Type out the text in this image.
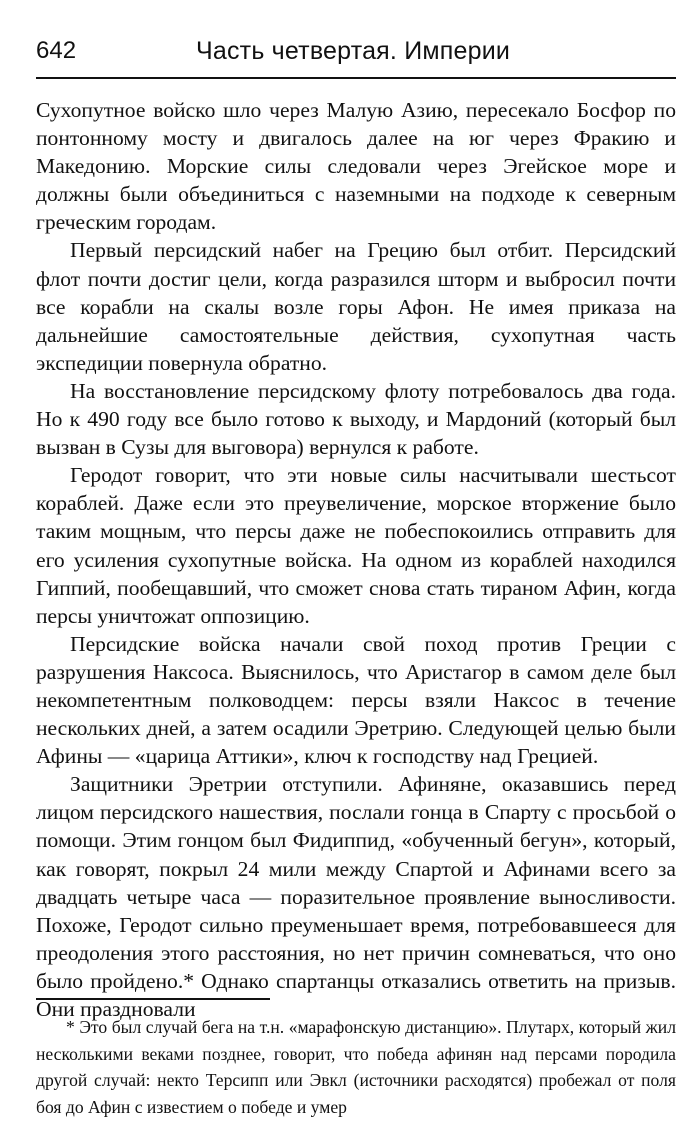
642	Часть четвертая. Империи

Сухопутное войско шло через Малую Азию, пересекало Босфор по понтонному мосту и двигалось далее на юг через Фракию и Македонию. Морские силы следовали через Эгейское море и должны были объединиться с наземными на подходе к северным греческим городам.

Первый персидский набег на Грецию был отбит. Персидский флот почти достиг цели, когда разразился шторм и выбросил почти все корабли на скалы возле горы Афон. Не имея приказа на дальнейшие самостоятельные действия, сухопутная часть экспедиции повернула обратно.

На восстановление персидскому флоту потребовалось два года. Но к 490 году все было готово к выходу, и Мардоний (который был вызван в Сузы для выговора) вернулся к работе.

Геродот говорит, что эти новые силы насчитывали шестьсот кораблей. Даже если это преувеличение, морское вторжение было таким мощным, что персы даже не побеспокоились отправить для его усиления сухопутные войска. На одном из кораблей находился Гиппий, пообещавший, что сможет снова стать тираном Афин, когда персы уничтожат оппозицию.

Персидские войска начали свой поход против Греции с разрушения Наксоса. Выяснилось, что Аристагор в самом деле был некомпетентным полководцем: персы взяли Наксос в течение нескольких дней, а затем осадили Эретрию. Следующей целью были Афины — «царица Аттики», ключ к господству над Грецией.

Защитники Эретрии отступили. Афиняне, оказавшись перед лицом персидского нашествия, послали гонца в Спарту с просьбой о помощи. Этим гонцом был Фидиппид, «обученный бегун», который, как говорят, покрыл 24 мили между Спартой и Афинами всего за двадцать четыре часа — поразительное проявление выносливости. Похоже, Геродот сильно преуменьшает время, потребовавшееся для преодоления этого расстояния, но нет причин сомневаться, что оно было пройдено.* Однако спартанцы отказались ответить на призыв. Они праздновали

* Это был случай бега на т.н. «марафонскую дистанцию». Плутарх, который жил несколькими веками позднее, говорит, что победа афинян над персами породила другой случай: некто Терсипп или Эвкл (источники расходятся) пробежал от поля боя до Афин с известием о победе и умер
